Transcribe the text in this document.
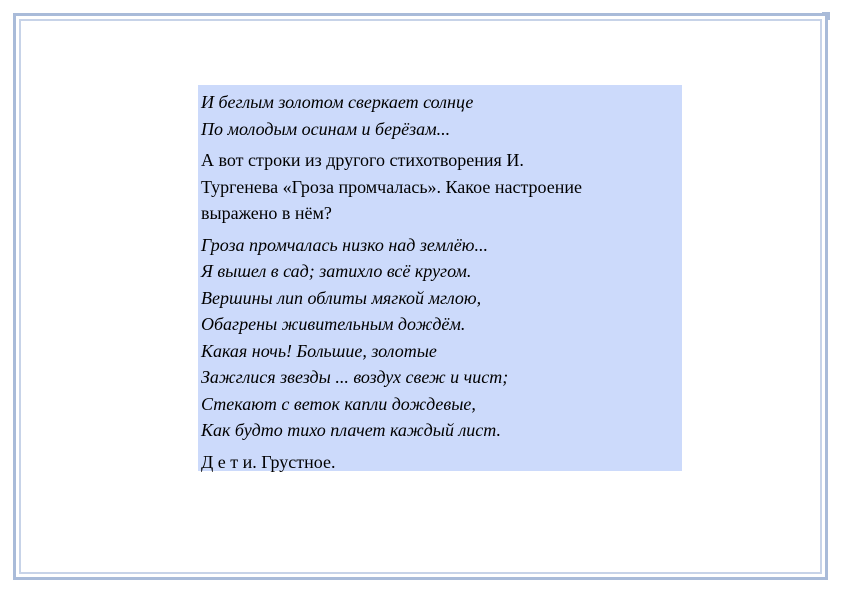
И беглым золотом сверкает солнце
По молодым осинам и берёзам...
А вот строки из другого стихотворения И.
Тургенева «Гроза промчалась». Какое настроение
выражено в нём?
Гроза промчалась низко над землёю...
Я вышел в сад; затихло всё кругом.
Вершины лип облиты мягкой мглою,
Обагрены живительным дождём.
Какая ночь! Большие, золотые
Зажглися звезды ... воздух свеж и чист;
Стекают с веток капли дождевые,
Как будто тихо плачет каждый лист.
Д е т и. Грустное.
